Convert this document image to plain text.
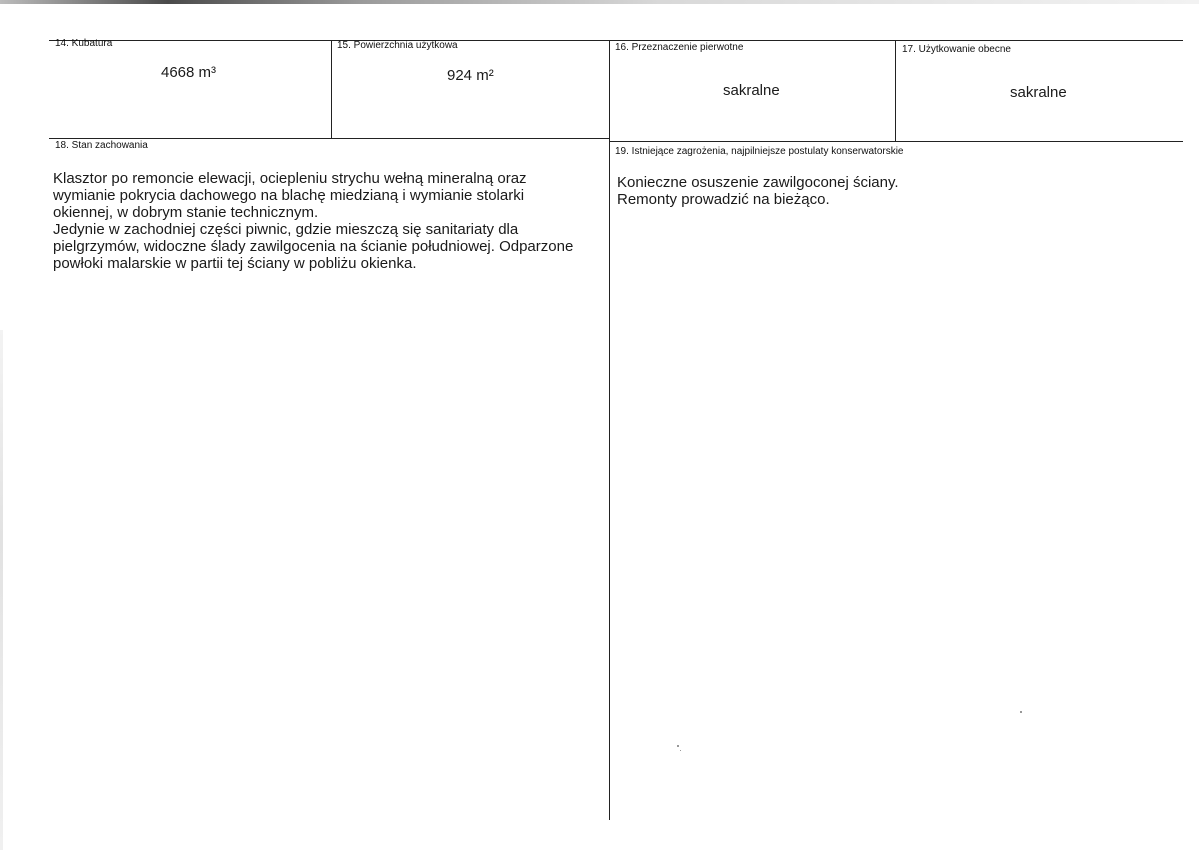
14. Kubatura
4668 m³
15. Powierzchnia użytkowa
924 m²
16. Przeznaczenie pierwotne
sakralne
17. Użytkowanie obecne
sakralne
18. Stan zachowania

Klasztor po remoncie elewacji, ociepleniu strychu wełną mineralną oraz
wymianie pokrycia dachowego na blachę miedzianą i wymianie stolarki
okiennej, w dobrym stanie technicznym.
Jedynie w zachodniej części piwnic, gdzie mieszczą się sanitariaty dla
pielgrzymów, widoczne ślady zawilgocenia na ścianie południowej. Odparzone
powłoki malarskie w partii tej ściany w pobliżu okienka.

19. Istniejące zagrożenia, najpilniejsze postulaty konserwatorskie

Konieczne osuszenie zawilgoconej ściany.
Remonty prowadzić na bieżąco.
